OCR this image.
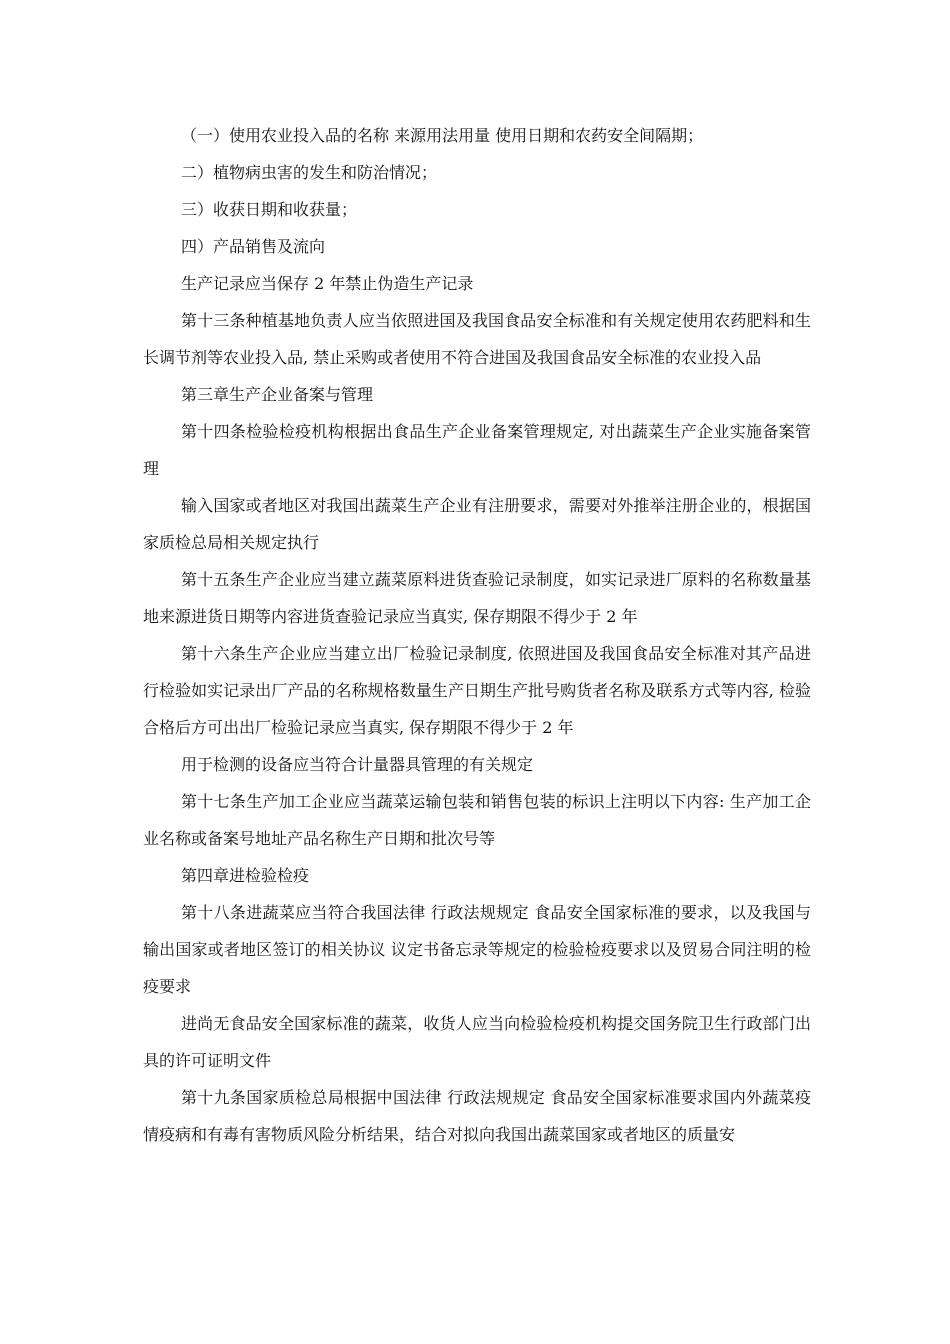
（一）使用农业投入品的名称 来源用法用量 使用日期和农药安全间隔期；

二）植物病虫害的发生和防治情况；

三）收获日期和收获量；

四）产品销售及流向

生产记录应当保存 2 年禁止伪造生产记录

第十三条种植基地负责人应当依照进国及我国食品安全标准和有关规定使用农药肥料和生长调节剂等农业投入品, 禁止采购或者使用不符合进国及我国食品安全标准的农业投入品

第三章生产企业备案与管理

第十四条检验检疫机构根据出食品生产企业备案管理规定, 对出蔬菜生产企业实施备案管理

输入国家或者地区对我国出蔬菜生产企业有注册要求，需要对外推举注册企业的，根据国家质检总局相关规定执行

第十五条生产企业应当建立蔬菜原料进货查验记录制度，如实记录进厂原料的名称数量基地来源进货日期等内容进货查验记录应当真实, 保存期限不得少于 2 年

第十六条生产企业应当建立出厂检验记录制度, 依照进国及我国食品安全标准对其产品进行检验如实记录出厂产品的名称规格数量生产日期生产批号购货者名称及联系方式等内容, 检验合格后方可出出厂检验记录应当真实, 保存期限不得少于 2 年

用于检测的设备应当符合计量器具管理的有关规定

第十七条生产加工企业应当蔬菜运输包装和销售包装的标识上注明以下内容: 生产加工企业名称或备案号地址产品名称生产日期和批次号等

第四章进检验检疫

第十八条进蔬菜应当符合我国法律 行政法规规定 食品安全国家标准的要求，以及我国与输出国家或者地区签订的相关协议 议定书备忘录等规定的检验检疫要求以及贸易合同注明的检疫要求

进尚无食品安全国家标准的蔬菜，收货人应当向检验检疫机构提交国务院卫生行政部门出具的许可证明文件

第十九条国家质检总局根据中国法律 行政法规规定 食品安全国家标准要求国内外蔬菜疫情疫病和有毒有害物质风险分析结果，结合对拟向我国出蔬菜国家或者地区的质量安
